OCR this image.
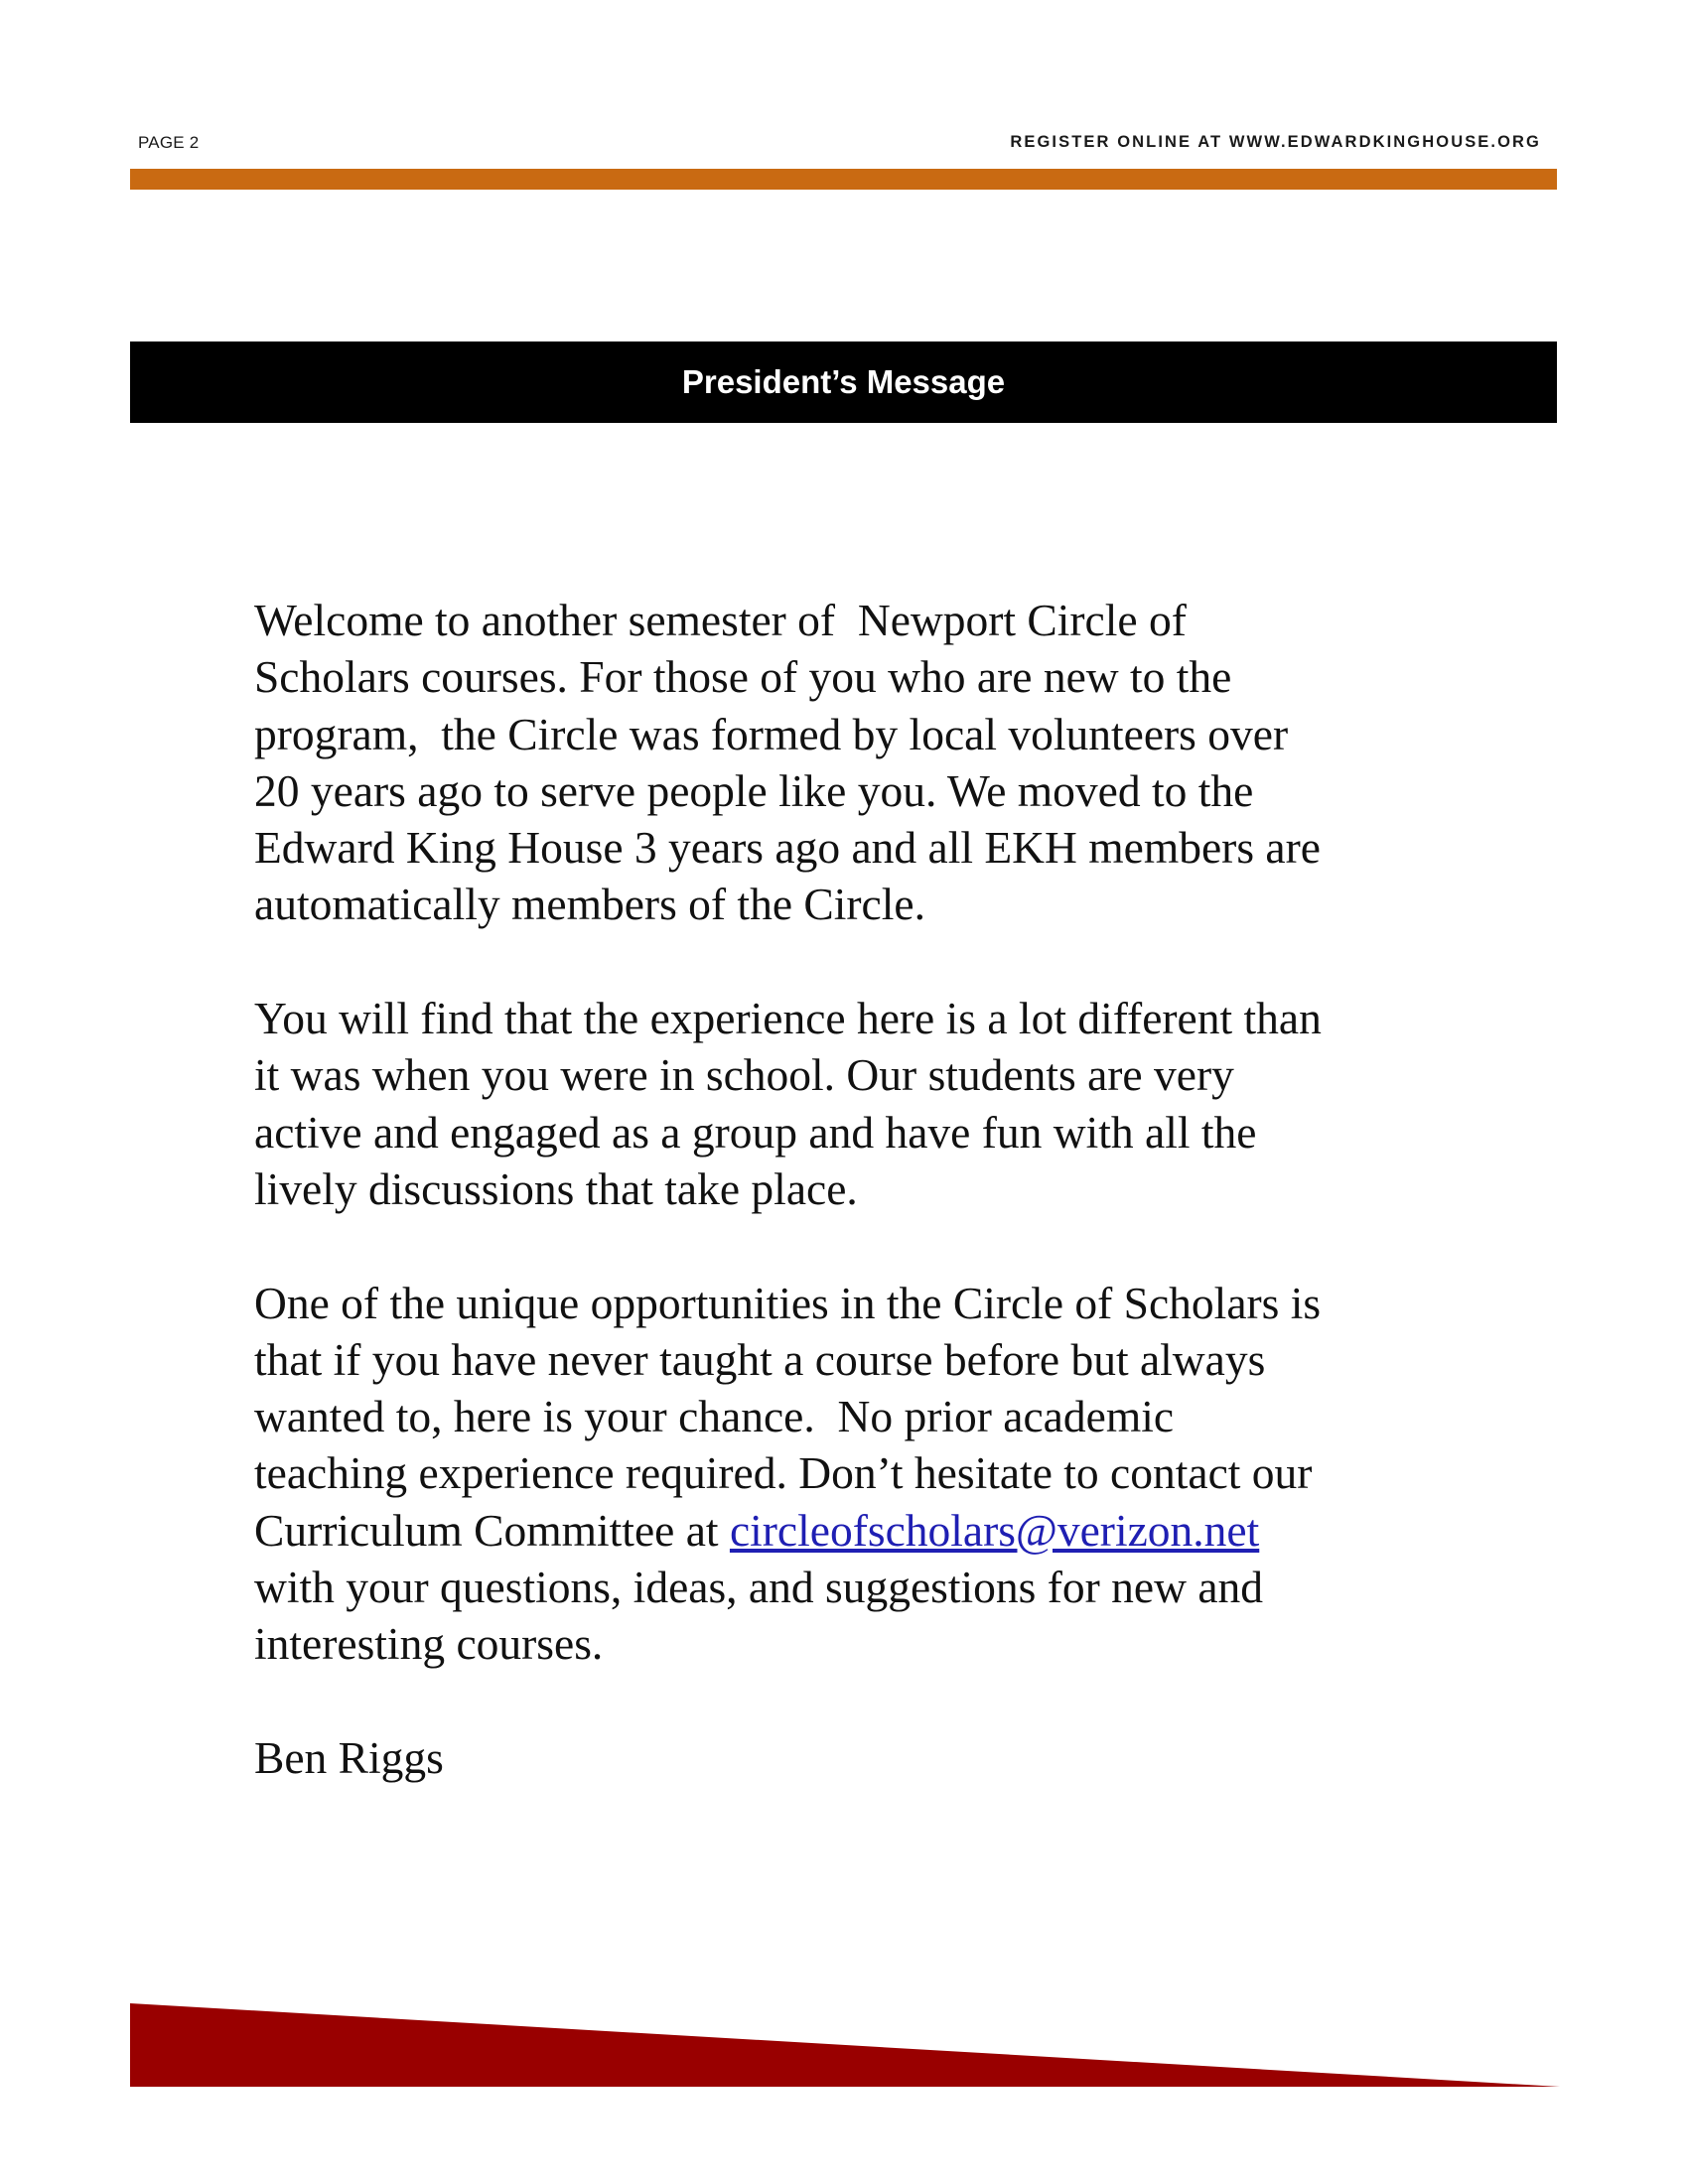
PAGE 2	REGISTER ONLINE AT WWW.EDWARDKINGHOUSE.ORG
President’s Message
Welcome to another semester of  Newport Circle of
Scholars courses. For those of you who are new to the
program,  the Circle was formed by local volunteers over
20 years ago to serve people like you. We moved to the
Edward King House 3 years ago and all EKH members are
automatically members of the Circle.
You will find that the experience here is a lot different than
it was when you were in school. Our students are very
active and engaged as a group and have fun with all the
lively discussions that take place.
One of the unique opportunities in the Circle of Scholars is
that if you have never taught a course before but always
wanted to, here is your chance.  No prior academic
teaching experience required. Don’t hesitate to contact our
Curriculum Committee at circleofscholars@verizon.net
with your questions, ideas, and suggestions for new and
interesting courses.

Ben Riggs
